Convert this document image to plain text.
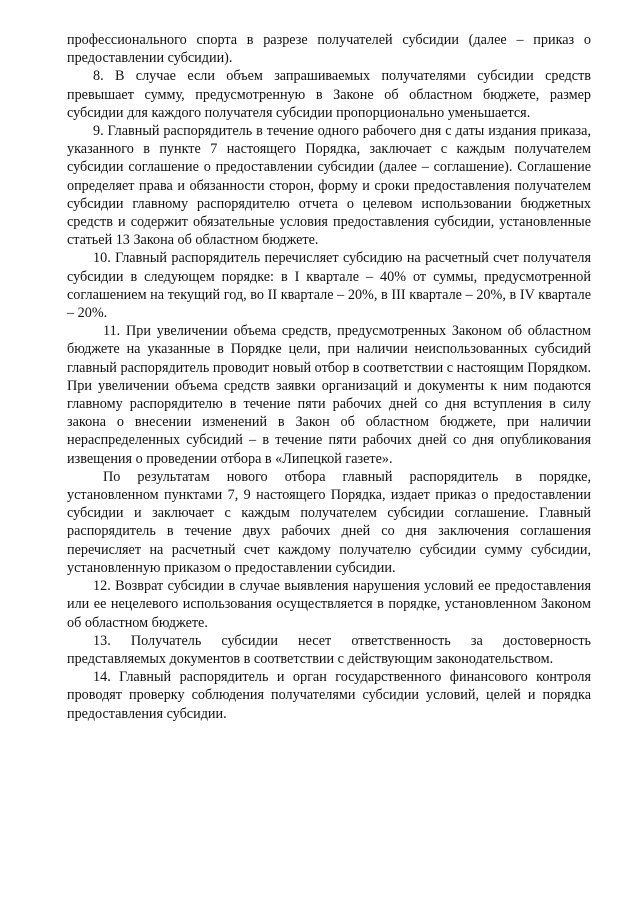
профессионального спорта в разрезе получателей субсидии (далее – приказ о предоставлении субсидии).

8. В случае если объем запрашиваемых получателями субсидии средств превышает сумму, предусмотренную в Законе об областном бюджете, размер субсидии для каждого получателя субсидии пропорционально уменьшается.

9. Главный распорядитель в течение одного рабочего дня с даты издания приказа, указанного в пункте 7 настоящего Порядка, заключает с каждым получателем субсидии соглашение о предоставлении субсидии (далее – соглашение). Соглашение определяет права и обязанности сторон, форму и сроки предоставления получателем субсидии главному распорядителю отчета о целевом использовании бюджетных средств и содержит обязательные условия предоставления субсидии, установленные статьей 13 Закона об областном бюджете.

10. Главный распорядитель перечисляет субсидию на расчетный счет получателя субсидии в следующем порядке: в I квартале – 40% от суммы, предусмотренной соглашением на текущий год, во II квартале – 20%, в III квартале – 20%, в IV квартале – 20%.

11. При увеличении объема средств, предусмотренных Законом об областном бюджете на указанные в Порядке цели, при наличии неиспользованных субсидий главный распорядитель проводит новый отбор в соответствии с настоящим Порядком. При увеличении объема средств заявки организаций и документы к ним подаются главному распорядителю в течение пяти рабочих дней со дня вступления в силу закона о внесении изменений в Закон об областном бюджете, при наличии нераспределенных субсидий – в течение пяти рабочих дней со дня опубликования извещения о проведении отбора в «Липецкой газете».

По результатам нового отбора главный распорядитель в порядке, установленном пунктами 7, 9 настоящего Порядка, издает приказ о предоставлении субсидии и заключает с каждым получателем субсидии соглашение. Главный распорядитель в течение двух рабочих дней со дня заключения соглашения перечисляет на расчетный счет каждому получателю субсидии сумму субсидии, установленную приказом о предоставлении субсидии.

12. Возврат субсидии в случае выявления нарушения условий ее предоставления или ее нецелевого использования осуществляется в порядке, установленном Законом об областном бюджете.

13. Получатель субсидии несет ответственность за достоверность представляемых документов в соответствии с действующим законодательством.

14. Главный распорядитель и орган государственного финансового контроля проводят проверку соблюдения получателями субсидии условий, целей и порядка предоставления субсидии.
